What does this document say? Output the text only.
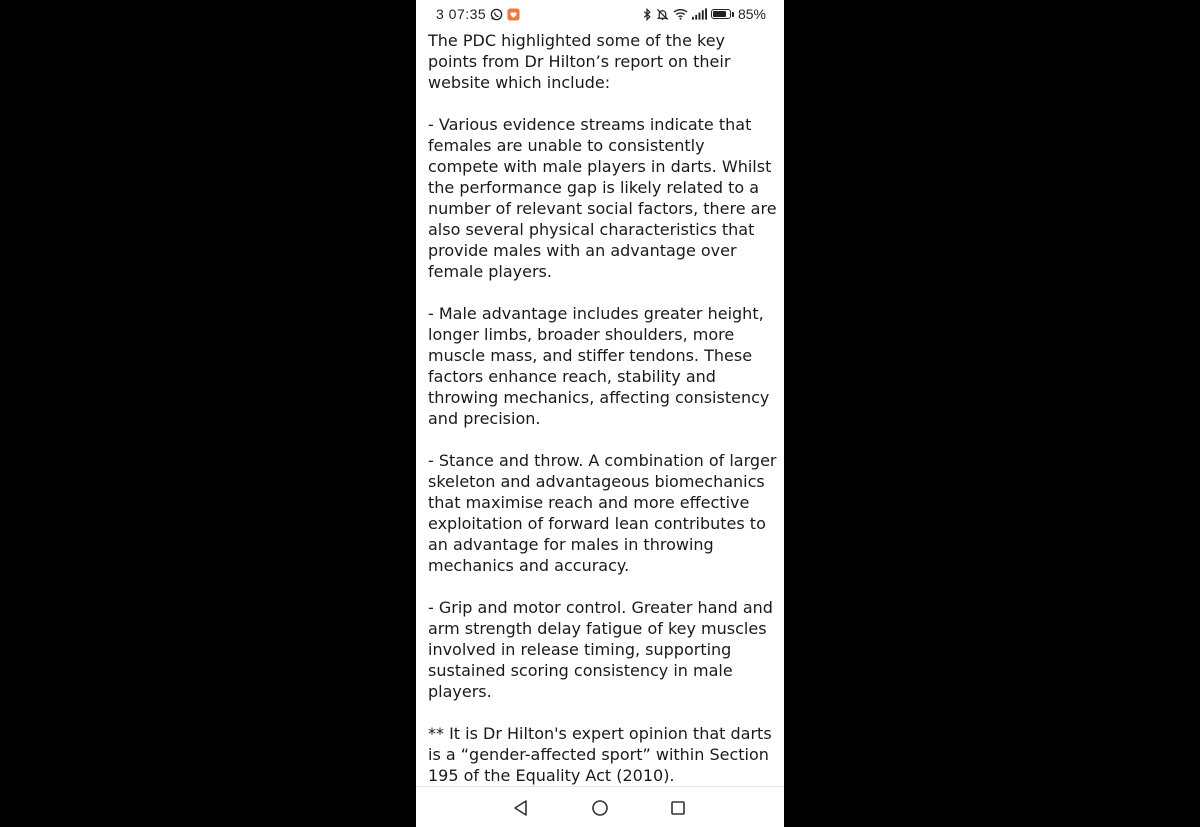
3 07:35	85%

The PDC highlighted some of the key points from Dr Hilton’s report on their website which include:

- Various evidence streams indicate that females are unable to consistently compete with male players in darts. Whilst the performance gap is likely related to a number of relevant social factors, there are also several physical characteristics that provide males with an advantage over female players.

- Male advantage includes greater height, longer limbs, broader shoulders, more muscle mass, and stiffer tendons. These factors enhance reach, stability and throwing mechanics, affecting consistency and precision.

- Stance and throw. A combination of larger skeleton and advantageous biomechanics that maximise reach and more effective exploitation of forward lean contributes to an advantage for males in throwing mechanics and accuracy.

- Grip and motor control. Greater hand and arm strength delay fatigue of key muscles involved in release timing, supporting sustained scoring consistency in male players.

** It is Dr Hilton's expert opinion that darts is a “gender-affected sport” within Section 195 of the Equality Act (2010).
